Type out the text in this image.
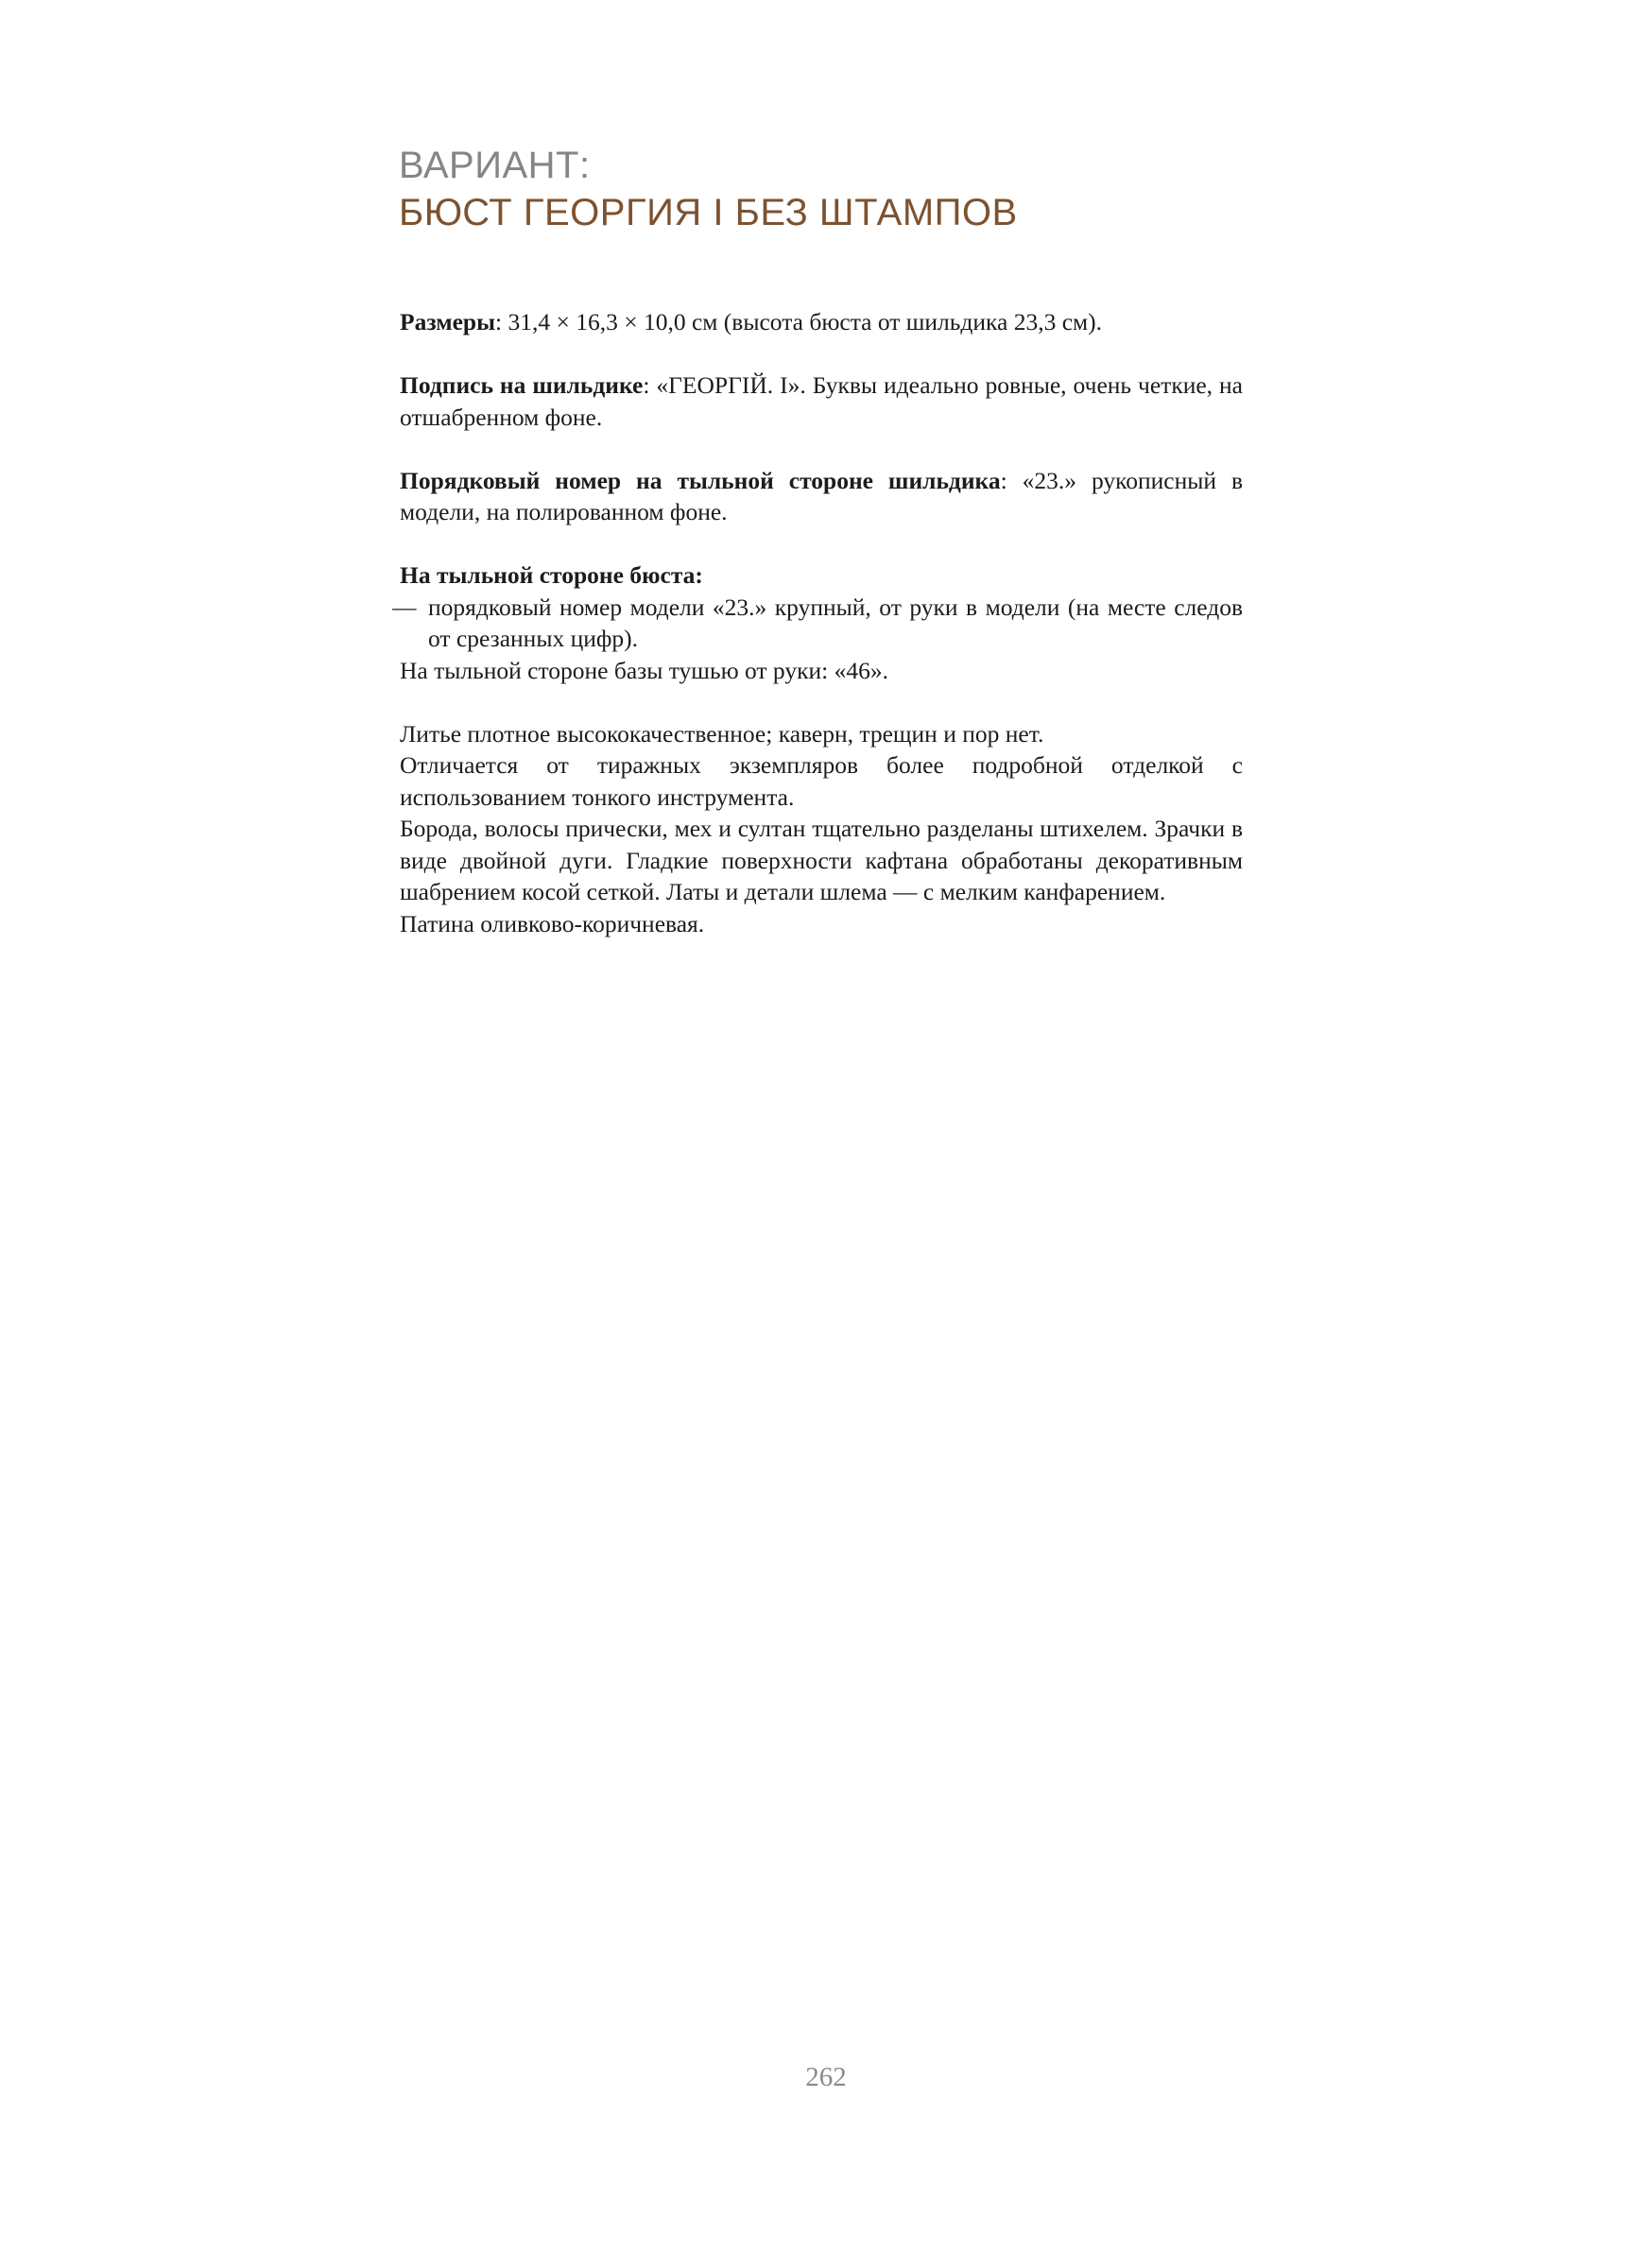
ВАРИАНТ:
БЮСТ ГЕОРГИЯ I БЕЗ ШТАМПОВ

Размеры: 31,4 × 16,3 × 10,0 см (высота бюста от шильдика 23,3 см).

Подпись на шильдике: «ГЕОРГІЙ. I». Буквы идеально ровные, очень четкие, на отшабренном фоне.

Порядковый номер на тыльной стороне шильдика: «23.» рукописный в модели, на полированном фоне.

На тыльной стороне бюста:

— порядковый номер модели «23.» крупный, от руки в модели (на месте следов от срезанных цифр).

На тыльной стороне базы тушью от руки: «46».

Литье плотное высококачественное; каверн, трещин и пор нет.

Отличается от тиражных экземпляров более подробной отделкой с использованием тонкого инструмента.

Борода, волосы прически, мех и султан тщательно разделаны штихелем. Зрачки в виде двойной дуги. Гладкие поверхности кафтана обработаны декоративным шабрением косой сеткой. Латы и детали шлема — с мелким канфарением.

Патина оливково-коричневая.

262
